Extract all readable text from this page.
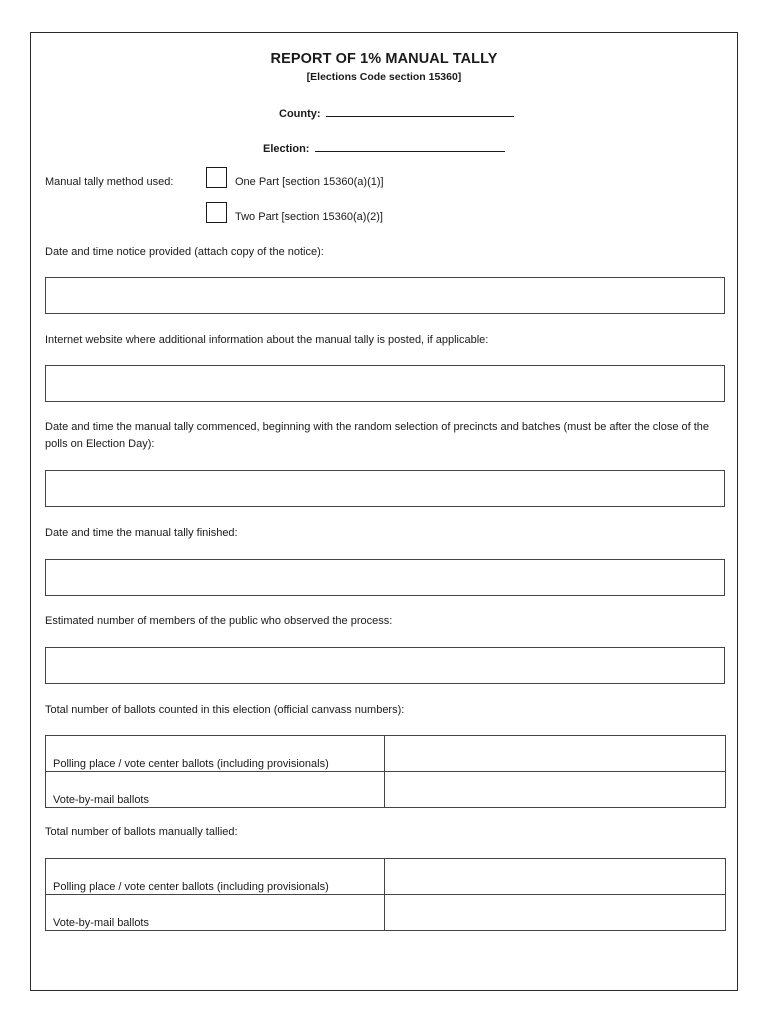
REPORT OF 1% MANUAL TALLY
[Elections Code section 15360]
County:
Election:
Manual tally method used:	One Part [section 15360(a)(1)]
Two Part [section 15360(a)(2)]
Date and time notice provided (attach copy of the notice):
Internet website where additional information about the manual tally is posted, if applicable:
Date and time the manual tally commenced, beginning with the random selection of precincts and batches (must be after the close of the polls on Election Day):
Date and time the manual tally finished:
Estimated number of members of the public who observed the process:
Total number of ballots counted in this election (official canvass numbers):
Polling place / vote center ballots (including provisionals)	
Vote-by-mail ballots	
Total number of ballots manually tallied:
Polling place / vote center ballots (including provisionals)	
Vote-by-mail ballots	
